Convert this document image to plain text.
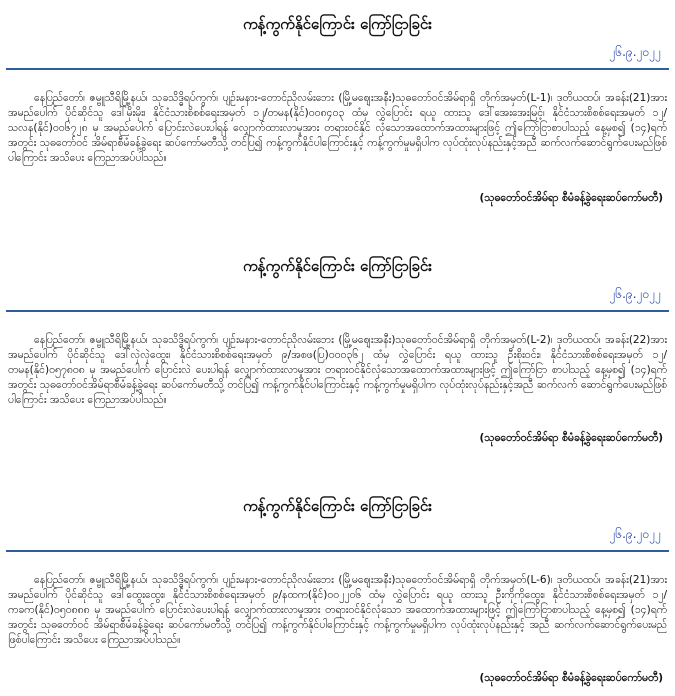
ကန့်ကွက်နိုင်ကြောင်း ကြော်ငြာခြင်း
၂၆.၉.၂၀၂၂

နေပြည်တော်၊ ဇမ္ဗူသီရိမြို့နယ်၊ သုခသိဒ္ဓိရပ်ကွက်၊ ပျဉ်းမနား-တောင်ညိုလမ်းဘေး (မြို့မဈေးအနီး)သုဓတော်ဝင်အိမ်ရာရှိ တိုက်အမှတ်(L-1)၊ ဒုတိယထပ်၊ အခန်း(21)အား အမည်ပေါက် ပိုင်ဆိုင်သူ ဒေါ်မိုးမိုး၊ နိုင်ငံသားစိစစ်ရေးအမှတ် ၁၂/တမန(နိုင်)၀၀၈၄၀၃ ထံမှ လွှဲပြောင်း ရယူ ထားသူ ဒေါ်အေးအေးမြင့်၊ နိုင်ငံသားစိစစ်ရေးအမှတ် ၁၂/သလန(နိုင်)၀၀၆၇၂၈ မှ အမည်ပေါက် ပြောင်းလဲပေးပါရန် လျှောက်ထားလာမှုအား တရားဝင်နိုင် လုံသောအထောက်အထားများဖြင့် ဤကြော်ငြာစာပါသည့် နေ့မှစ၍ (၁၄)ရက်အတွင်း သုဓတော်ဝင် အိမ်ရာစီမံခန့်ခွဲရေး ဆပ်ကော်မတီသို့ တင်ပြ၍ ကန့်ကွက်နိုင်ပါကြောင်းနှင့် ကန့်ကွက်မှုမရှိပါက လုပ်ထုံးလုပ်နည်းနှင့်အညီ ဆက်လက်ဆောင်ရွက်ပေးမည်ဖြစ်ပါကြောင်း အသိပေး ကြေညာအပ်ပါသည်။

(သုဓတော်ဝင်အိမ်ရာ စီမံခန့်ခွဲရေးဆပ်ကော်မတီ)
ကန့်ကွက်နိုင်ကြောင်း ကြော်ငြာခြင်း
၂၆.၉.၂၀၂၂

နေပြည်တော်၊ ဇမ္ဗူသီရိမြို့နယ်၊ သုခသိဒ္ဓိရပ်ကွက်၊ ပျဉ်းမနား-တောင်ညိုလမ်းဘေး (မြို့မဈေးအနီး)သုဓတော်ဝင်အိမ်ရာရှိ တိုက်အမှတ်(L-2)၊ ဒုတိယထပ်၊ အခန်း(22)အား အမည်ပေါက် ပိုင်ဆိုင်သူ ဒေါ်လှဲလှဲထွေး၊ နိုင်ငံသားစိစစ်ရေးအမှတ် ၉/အစဖ(ပြ)၀၀၀၃၆၂ ထံမှ လွှဲပြောင်း ရယူ ထားသူ ဦးစိုးဝင်း၊ နိုင်ငံသားစိစစ်ရေးအမှတ် ၁၂/တမန(နိုင်)၀၅၇၈၀၈ မှ အမည်ပေါက် ပြောင်းလဲ ပေးပါရန် လျှောက်ထားလာမှုအား တရားဝင်နိုင်လုံသောအထောက်အထားများဖြင့် ဤကြော်ငြာ စာပါသည့် နေ့မှစ၍ (၁၄)ရက်အတွင်း သုဓတော်ဝင်အိမ်ရာစီမံခန့်ခွဲရေး ဆပ်ကော်မတီသို့ တင်ပြ၍ ကန့်ကွက်နိုင်ပါကြောင်းနှင့် ကန့်ကွက်မှုမရှိပါက လုပ်ထုံးလုပ်နည်းနှင့်အညီ ဆက်လက် ဆောင်ရွက်ပေးမည်ဖြစ်ပါကြောင်း အသိပေး ကြေညာအပ်ပါသည်။

(သုဓတော်ဝင်အိမ်ရာ စီမံခန့်ခွဲရေးဆပ်ကော်မတီ)
ကန့်ကွက်နိုင်ကြောင်း ကြော်ငြာခြင်း
၂၆.၉.၂၀၂၂

နေပြည်တော်၊ ဇမ္ဗူသီရိမြို့နယ်၊ သုခသိဒ္ဓိရပ်ကွက်၊ ပျဉ်းမနား-တောင်ညိုလမ်းဘေး (မြို့မဈေးအနီး)သုဓတော်ဝင်အိမ်ရာရှိ တိုက်အမှတ်(L-6)၊ ဒုတိယထပ်၊ အခန်း(21)အား အမည်ပေါက် ပိုင်ဆိုင်သူ ဒေါ်ထွေးထွေး၊ နိုင်ငံသားစိစစ်ရေးအမှတ် ၉/နထက(နိုင်)၀၀၂၂၀၆ ထံမှ လွှဲပြောင်း ရယူ ထားသူ ဦးကိုကိုထွေး၊ နိုင်ငံသားစိစစ်ရေးအမှတ် ၁၂/ကခက(နိုင်)၀၅၀၈၈၈ မှ အမည်ပေါက် ပြောင်းလဲပေးပါရန် လျှောက်ထားလာမှုအား တရားဝင်နိုင်လုံသော အထောက်အထားများဖြင့် ဤကြော်ငြာစာပါသည့် နေ့မှစ၍ (၁၄)ရက်အတွင်း သုဓတော်ဝင် အိမ်ရာစီမံခန့်ခွဲရေး ဆပ်ကော်မတီသို့ တင်ပြ၍ ကန့်ကွက်နိုင်ပါကြောင်းနှင့် ကန့်ကွက်မှုမရှိပါက လုပ်ထုံးလုပ်နည်းနှင့် အညီ ဆက်လက်ဆောင်ရွက်ပေးမည်ဖြစ်ပါကြောင်း အသိပေး ကြေညာအပ်ပါသည်။

(သုဓတော်ဝင်အိမ်ရာ စီမံခန့်ခွဲရေးဆပ်ကော်မတီ)
